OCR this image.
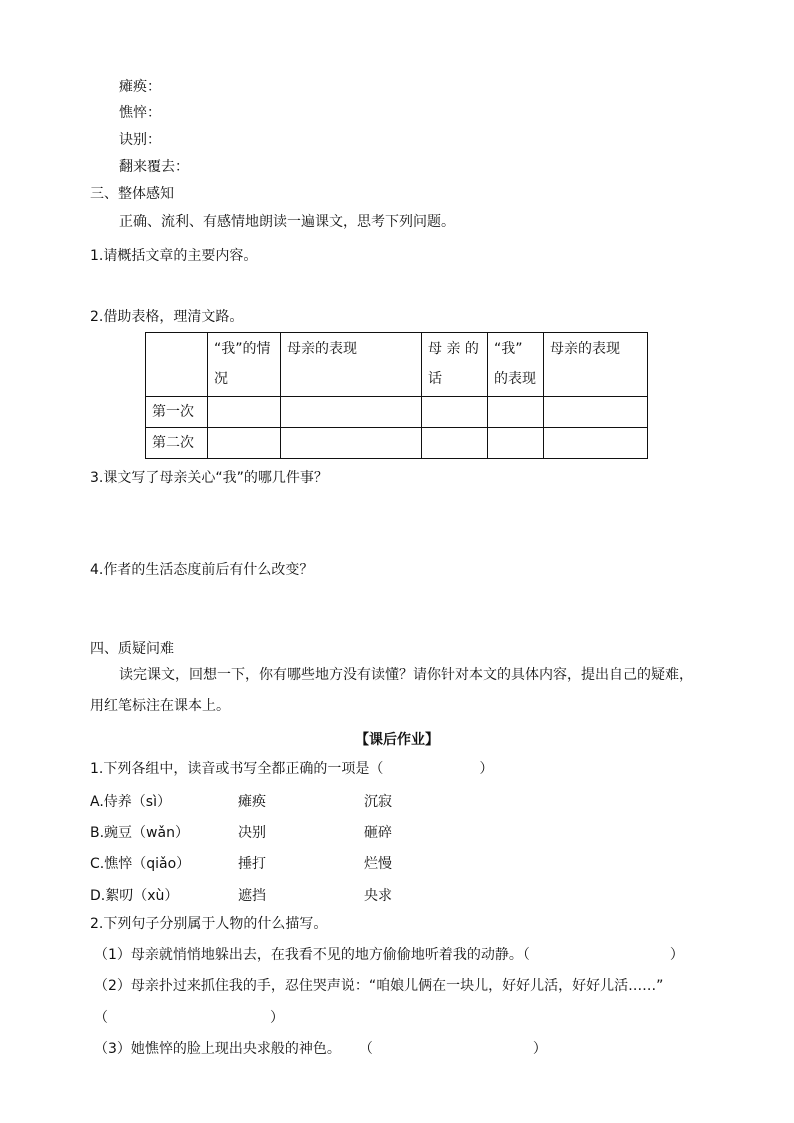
瘫痪：
憔悴：
诀别：
翻来覆去：
三、整体感知
正确、流利、有感情地朗读一遍课文，思考下列问题。
1.请概括文章的主要内容。
2.借助表格，理清文路。
	“我”的情况	母亲的表现	母 亲 的话	“我” 的表现	母亲的表现
第一次					
第二次					
3.课文写了母亲关心“我”的哪几件事？
4.作者的生活态度前后有什么改变？
四、质疑问难
读完课文，回想一下，你有哪些地方没有读懂？请你针对本文的具体内容，提出自己的疑难，用红笔标注在课本上。
【课后作业】
1.下列各组中，读音或书写全都正确的一项是（	）
A.侍养（sì）	瘫痪	沉寂
B.豌豆（wǎn）	决别	砸碎
C.憔悴（qiǎo）	捶打	烂慢
D.絮叨（xù）	遮挡	央求
2.下列句子分别属于人物的什么描写。
（1）母亲就悄悄地躲出去，在我看不见的地方偷偷地听着我的动静。（	）
（2）母亲扑过来抓住我的手，忍住哭声说：“咱娘儿俩在一块儿，好好儿活，好好儿活……”
（	）
（3）她憔悴的脸上现出央求般的神色。 （	）
